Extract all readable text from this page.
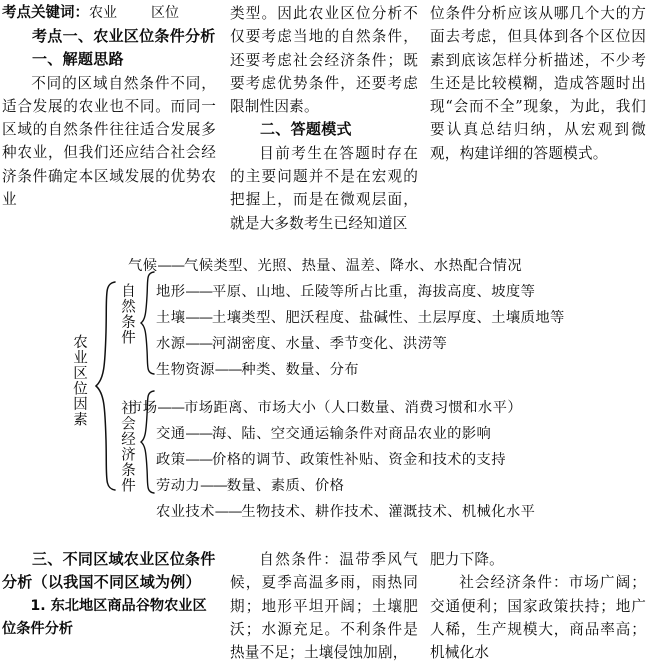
考点关键词：农业 区位

考点一、农业区位条件分析

一、解题思路

不同的区域自然条件不同，适合发展的农业也不同。而同一区域的自然条件往往适合发展多种农业，但我们还应结合社会经济条件确定本区域发展的优势农业

类型。因此农业区位分析不仅要考虑当地的自然条件，还要考虑社会经济条件；既要考虑优势条件，还要考虑限制性因素。

二、答题模式

目前考生在答题时存在的主要问题并不是在宏观的把握上，而是在微观层面，就是大多数考生已经知道区

位条件分析应该从哪几个大的方面去考虑，但具体到各个区位因素到底该怎样分析描述，不少考生还是比较模糊，造成答题时出现“会而不全”现象，为此，我们要认真总结归纳，从宏观到微观，构建详细的答题模式。

农业区位因素
自然条件
社会经济条件
气候——气候类型、光照、热量、温差、降水、水热配合情况
地形——平原、山地、丘陵等所占比重，海拔高度、坡度等
土壤——土壤类型、肥沃程度、盐碱性、土层厚度、土壤质地等
水源——河湖密度、水量、季节变化、洪涝等
生物资源——种类、数量、分布
市场——市场距离、市场大小（人口数量、消费习惯和水平）
交通——海、陆、空交通运输条件对商品农业的影响
政策——价格的调节、政策性补贴、资金和技术的支持
劳动力——数量、素质、价格
农业技术——生物技术、耕作技术、灌溉技术、机械化水平

三、不同区域农业区位条件分析（以我国不同区域为例）

1. 东北地区商品谷物农业区位条件分析

自然条件：温带季风气候，夏季高温多雨，雨热同期；地形平坦开阔；土壤肥沃；水源充足。不利条件是热量不足；土壤侵蚀加剧，

肥力下降。

社会经济条件：市场广阔；交通便利；国家政策扶持；地广人稀，生产规模大，商品率高；机械化水
